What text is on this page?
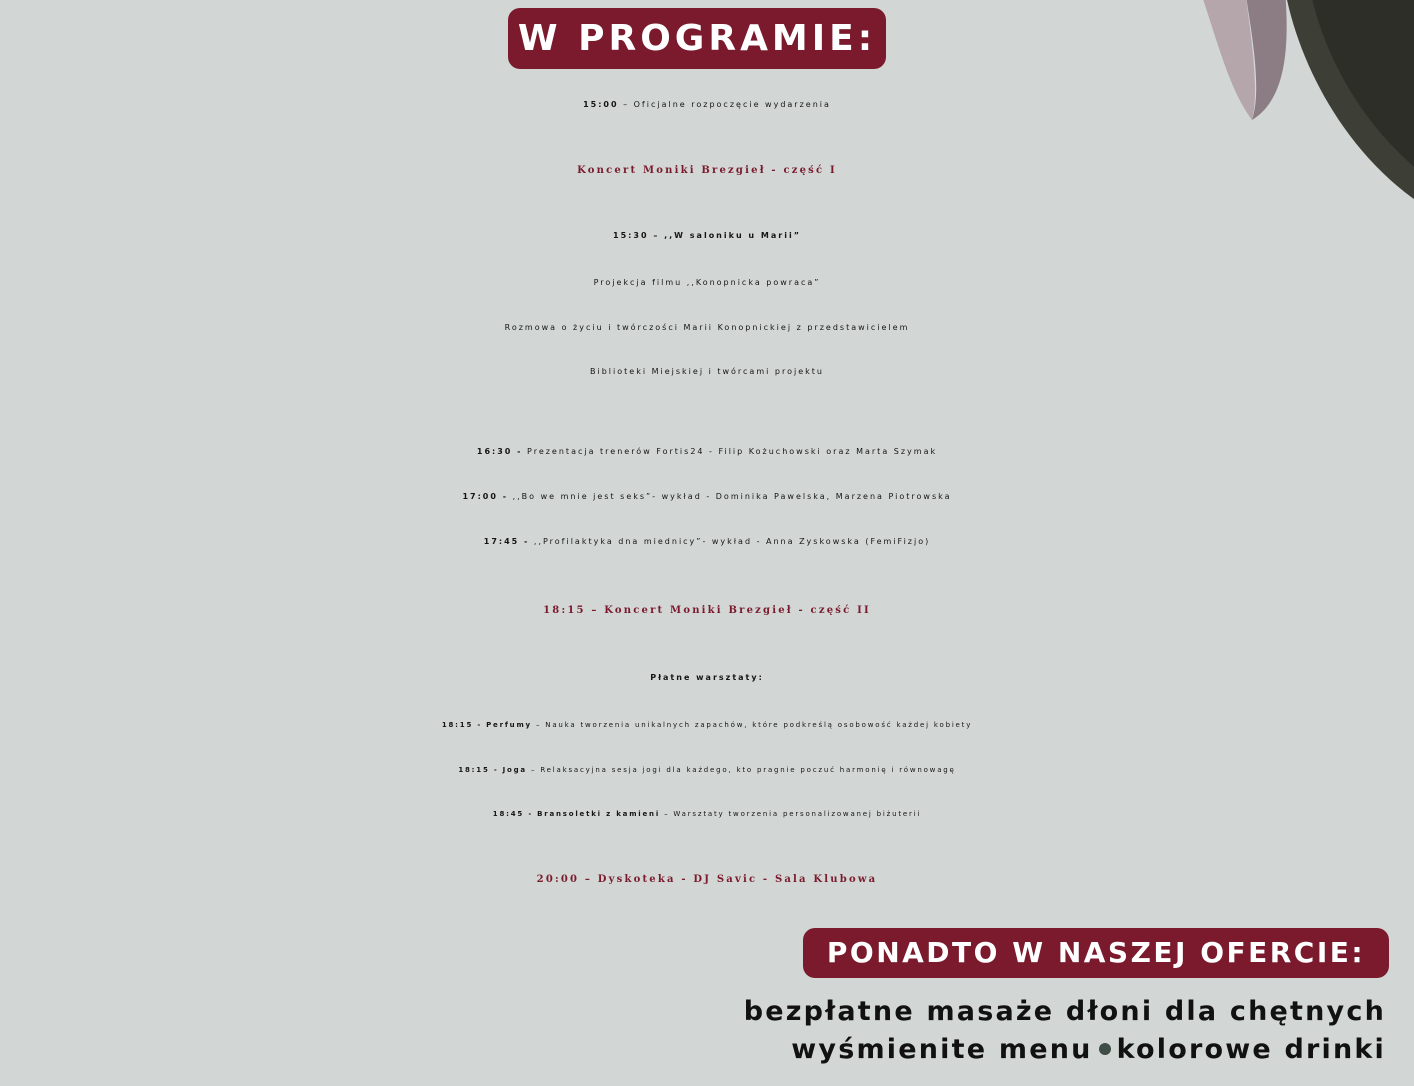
W PROGRAMIE:
15:00 – Oficjalne rozpoczęcie wydarzenia
Koncert Moniki Brezgieł - część I
15:30 – ,,W saloniku u Marii”
Projekcja filmu ,,Konopnicka powraca”
Rozmowa o życiu i twórczości Marii Konopnickiej z przedstawicielem
Biblioteki Miejskiej i twórcami projektu
16:30 - Prezentacja trenerów Fortis24 - Filip Kożuchowski oraz Marta Szymak
17:00 - ,,Bo we mnie jest seks”- wykład - Dominika Pawelska, Marzena Piotrowska
17:45 - ,,Profilaktyka dna miednicy”- wykład - Anna Zyskowska (FemiFizjo)
18:15 – Koncert Moniki Brezgieł - część II
Płatne warsztaty:
18:15 - Perfumy – Nauka tworzenia unikalnych zapachów, które podkreślą osobowość każdej kobiety
18:15 - Joga – Relaksacyjna sesja jogi dla każdego, kto pragnie poczuć harmonię i równowagę
18:45 - Bransoletki z kamieni – Warsztaty tworzenia personalizowanej biżuterii
20:00 – Dyskoteka - DJ Savic - Sala Klubowa
PONADTO W NASZEJ OFERCIE:
bezpłatne masaże dłoni dla chętnych
wyśmienite menu kolorowe drinki
